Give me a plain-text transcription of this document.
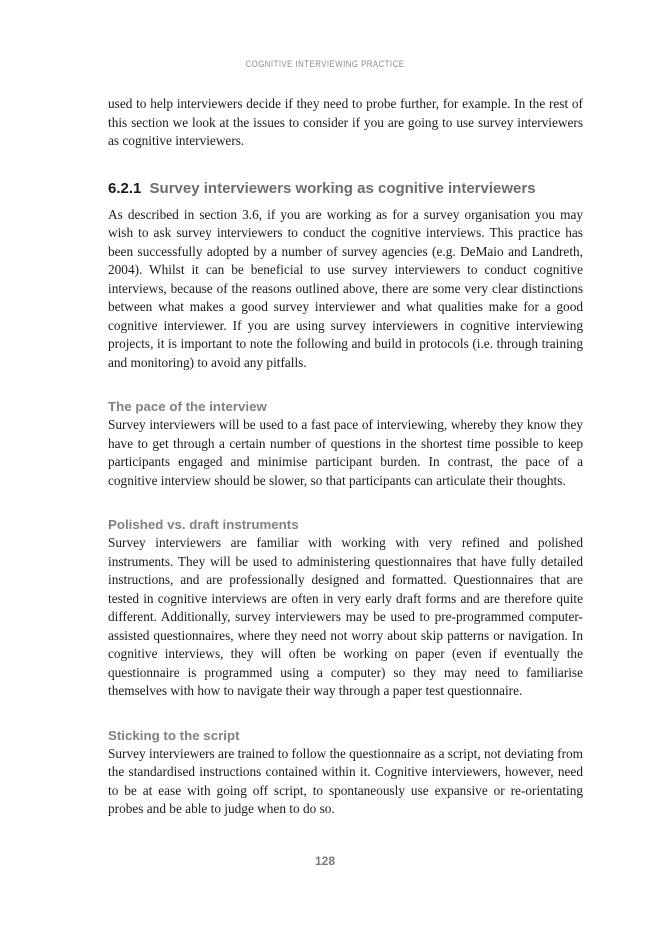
COGNITIVE INTERVIEWING PRACTICE

used to help interviewers decide if they need to probe further, for example. In the rest of this section we look at the issues to consider if you are going to use survey interviewers as cognitive interviewers.

6.2.1 Survey interviewers working as cognitive interviewers

As described in section 3.6, if you are working as for a survey organisation you may wish to ask survey interviewers to conduct the cognitive interviews. This practice has been successfully adopted by a number of survey agencies (e.g. DeMaio and Landreth, 2004). Whilst it can be beneficial to use survey interviewers to conduct cognitive interviews, because of the reasons outlined above, there are some very clear distinctions between what makes a good survey interviewer and what qualities make for a good cognitive interviewer. If you are using survey interviewers in cognitive interviewing projects, it is important to note the following and build in protocols (i.e. through training and monitoring) to avoid any pitfalls.

The pace of the interview

Survey interviewers will be used to a fast pace of interviewing, whereby they know they have to get through a certain number of questions in the shortest time possible to keep participants engaged and minimise participant burden. In contrast, the pace of a cognitive interview should be slower, so that participants can articulate their thoughts.

Polished vs. draft instruments

Survey interviewers are familiar with working with very refined and polished instruments. They will be used to administering questionnaires that have fully detailed instructions, and are professionally designed and formatted. Questionnaires that are tested in cognitive interviews are often in very early draft forms and are therefore quite different. Additionally, survey interviewers may be used to pre-programmed computer-assisted questionnaires, where they need not worry about skip patterns or navigation. In cognitive interviews, they will often be working on paper (even if eventually the questionnaire is programmed using a computer) so they may need to familiarise themselves with how to navigate their way through a paper test questionnaire.

Sticking to the script

Survey interviewers are trained to follow the questionnaire as a script, not deviating from the standardised instructions contained within it. Cognitive interviewers, however, need to be at ease with going off script, to spontaneously use expansive or re-orientating probes and be able to judge when to do so.

128
